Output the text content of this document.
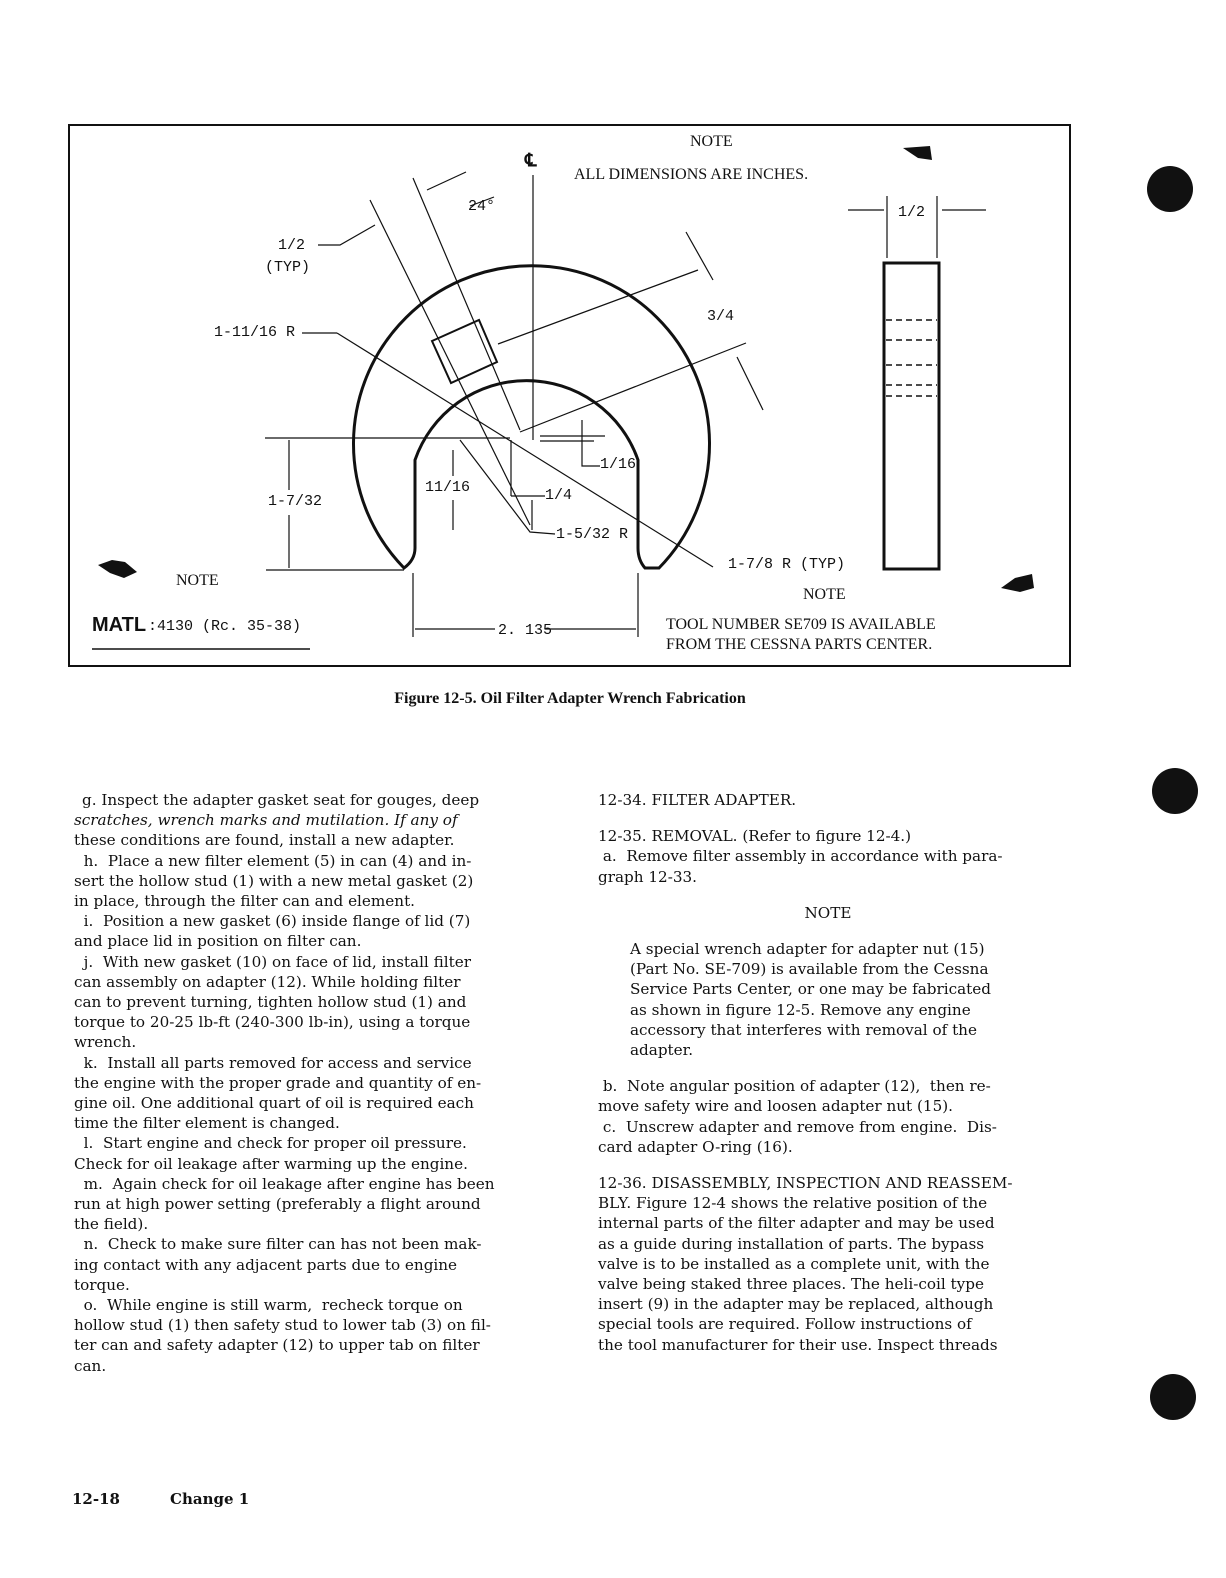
NOTE
℄
ALL DIMENSIONS ARE INCHES.
24°
1/2
(TYP)
1-11/16 R
3/4
1/2
1/16
1-7/32
11/16	1/4
1-5/32 R
1-7/8 R (TYP)
2. 135
NOTE
MATL :4130 (Rc. 35-38)
NOTE
TOOL NUMBER SE709 IS AVAILABLE
FROM THE CESSNA PARTS CENTER.
Figure 12-5. Oil Filter Adapter Wrench Fabrication

g. Inspect the adapter gasket seat for gouges, deep

scratches, wrench marks and mutilation. If any of

these conditions are found, install a new adapter.

h.  Place a new filter element (5) in can (4) and in-

sert the hollow stud (1) with a new metal gasket (2)

in place, through the filter can and element.

i.  Position a new gasket (6) inside flange of lid (7)

and place lid in position on filter can.

j.  With new gasket (10) on face of lid, install filter

can assembly on adapter (12). While holding filter

can to prevent turning, tighten hollow stud (1) and

torque to 20-25 lb-ft (240-300 lb-in), using a torque

wrench.

k.  Install all parts removed for access and service

the engine with the proper grade and quantity of en-

gine oil. One additional quart of oil is required each

time the filter element is changed.

l.  Start engine and check for proper oil pressure.

Check for oil leakage after warming up the engine.

m.  Again check for oil leakage after engine has been

run at high power setting (preferably a flight around

the field).

n.  Check to make sure filter can has not been mak-

ing contact with any adjacent parts due to engine

torque.

o.  While engine is still warm,  recheck torque on

hollow stud (1) then safety stud to lower tab (3) on fil-

ter can and safety adapter (12) to upper tab on filter

can.

12-34. FILTER ADAPTER.

12-35. REMOVAL. (Refer to figure 12-4.)

a.  Remove filter assembly in accordance with para-

graph 12-33.

NOTE

A special wrench adapter for adapter nut (15)

(Part No. SE-709) is available from the Cessna

Service Parts Center, or one may be fabricated

as shown in figure 12-5. Remove any engine

accessory that interferes with removal of the

adapter.

b.  Note angular position of adapter (12),  then re-

move safety wire and loosen adapter nut (15).

c.  Unscrew adapter and remove from engine.  Dis-

card adapter O-ring (16).

12-36. DISASSEMBLY, INSPECTION AND REASSEM-

BLY. Figure 12-4 shows the relative position of the

internal parts of the filter adapter and may be used

as a guide during installation of parts. The bypass

valve is to be installed as a complete unit, with the

valve being staked three places. The heli-coil type

insert (9) in the adapter may be replaced, although

special tools are required. Follow instructions of

the tool manufacturer for their use. Inspect threads

12-18	Change 1
